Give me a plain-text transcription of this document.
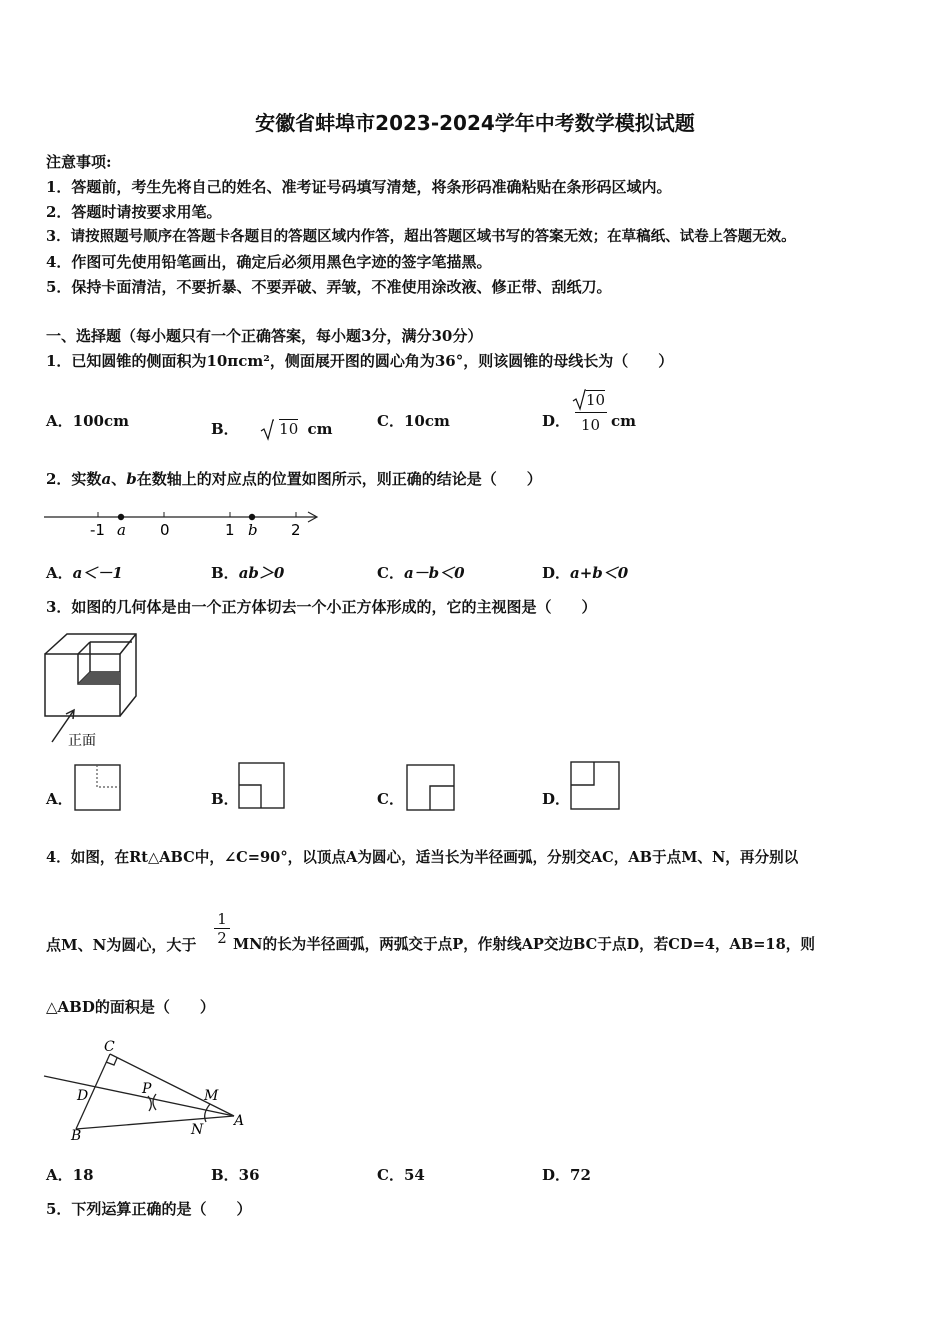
安徽省蚌埠市2023-2024学年中考数学模拟试题
注意事项:
1．答题前，考生先将自己的姓名、准考证号码填写清楚，将条形码准确粘贴在条形码区域内。
2．答题时请按要求用笔。
3．请按照题号顺序在答题卡各题目的答题区域内作答，超出答题区域书写的答案无效；在草稿纸、试卷上答题无效。
4．作图可先使用铅笔画出，确定后必须用黑色字迹的签字笔描黑。
5．保持卡面清洁，不要折暴、不要弄破、弄皱，不准使用涂改液、修正带、刮纸刀。
一、选择题（每小题只有一个正确答案，每小题3分，满分30分）
1．已知圆锥的侧面积为10πcm²，侧面展开图的圆心角为36°，则该圆锥的母线长为（　　）
A．100cm	B．	10 cm	C．10cm	D．
10
10 cm
2．实数a、b在数轴上的对应点的位置如图所示，则正确的结论是（　　）
-1	0	1	2
a	b
A．a＜－1	B．ab＞0	C．a－b＜0	D．a+b＜0
3．如图的几何体是由一个正方体切去一个小正方体形成的，它的主视图是（　　）
正面
A．	B．	C．	D．
4．如图，在Rt△ABC中，∠C=90°，以顶点A为圆心，适当长为半径画弧，分别交AC，AB于点M、N，再分别以
点M、N为圆心，大于
1
2 MN的长为半径画弧，两弧交于点P，作射线AP交边BC于点D，若CD=4，AB=18，则
△ABD的面积是（　　）
C
D
B
P	M
N
A
A．18	B．36	C．54	D．72
5．下列运算正确的是（　　）
